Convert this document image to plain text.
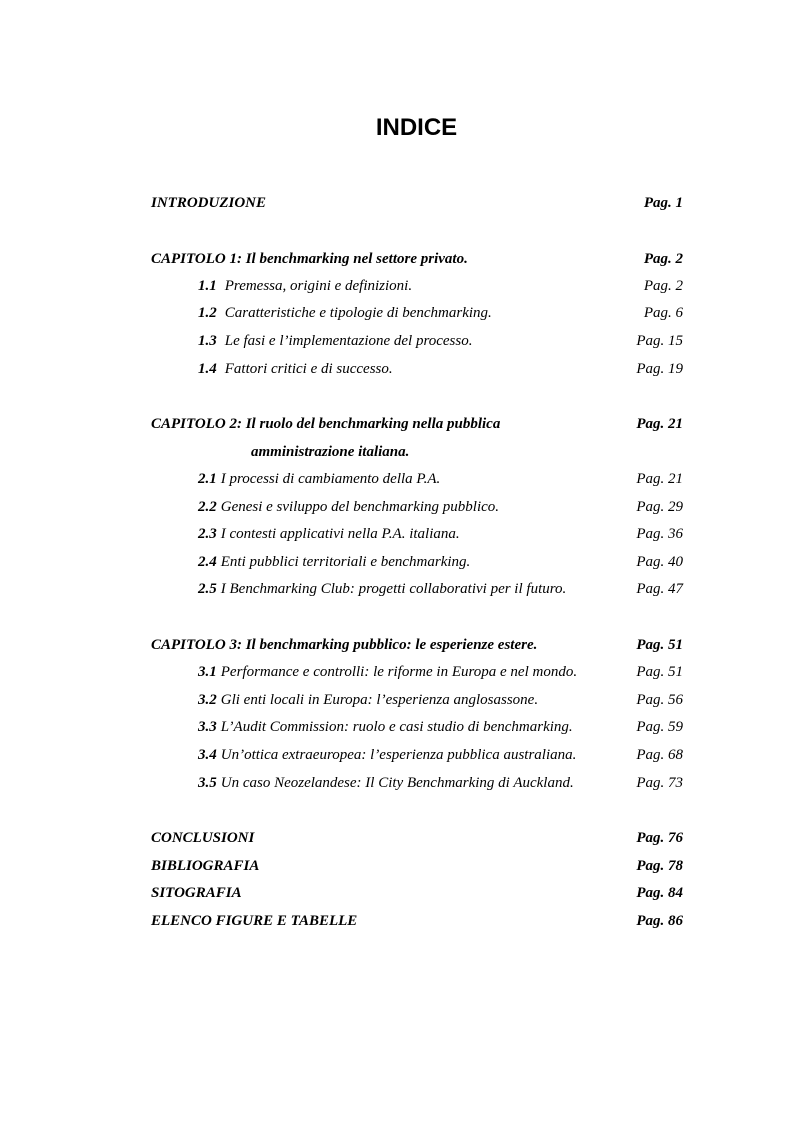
INDICE
INTRODUZIONE	Pag. 1
CAPITOLO 1: Il benchmarking nel settore privato.	Pag. 2
1.1 Premessa, origini e definizioni.	Pag. 2
1.2 Caratteristiche e tipologie di benchmarking.	Pag. 6
1.3 Le fasi e l’implementazione del processo.	Pag. 15
1.4 Fattori critici e di successo.	Pag. 19
CAPITOLO 2: Il ruolo del benchmarking nella pubblica	Pag. 21
amministrazione italiana.
2.1 I processi di cambiamento della P.A.	Pag. 21
2.2 Genesi e sviluppo del benchmarking pubblico.	Pag. 29
2.3 I contesti applicativi nella P.A. italiana.	Pag. 36
2.4 Enti pubblici territoriali e benchmarking.	Pag. 40
2.5 I Benchmarking Club: progetti collaborativi per il futuro.	Pag. 47
CAPITOLO 3: Il benchmarking pubblico: le esperienze estere.	Pag. 51
3.1 Performance e controlli: le riforme in Europa e nel mondo.	Pag. 51
3.2 Gli enti locali in Europa: l’esperienza anglosassone.	Pag. 56
3.3 L’Audit Commission: ruolo e casi studio di benchmarking.	Pag. 59
3.4 Un’ottica extraeuropea: l’esperienza pubblica australiana.	Pag. 68
3.5 Un caso Neozelandese: Il City Benchmarking di Auckland.	Pag. 73
CONCLUSIONI	Pag. 76
BIBLIOGRAFIA	Pag. 78
SITOGRAFIA	Pag. 84
ELENCO FIGURE E TABELLE	Pag. 86
